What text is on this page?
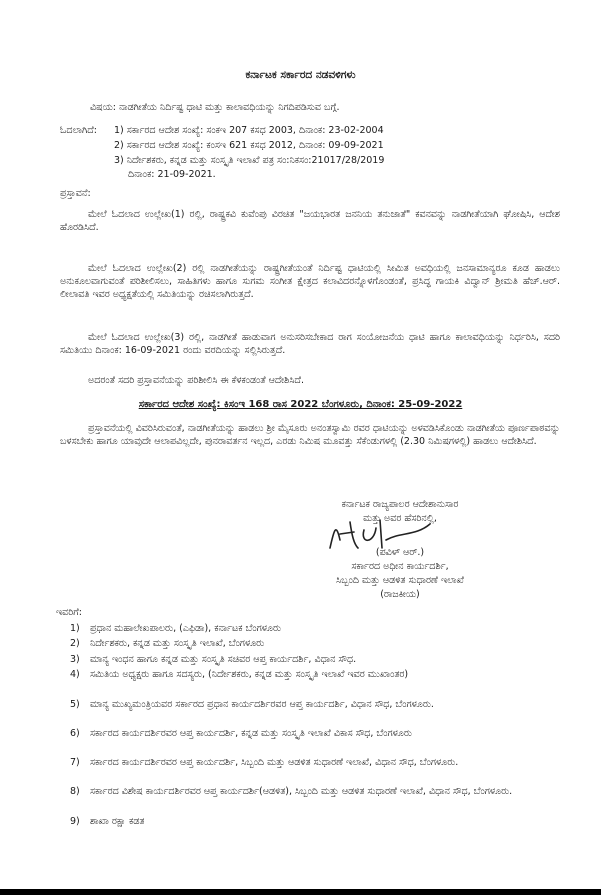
ಕರ್ನಾಟಕ ಸರ್ಕಾರದ ನಡವಳಿಗಳು
ವಿಷಯ: ನಾಡಗೀತೆಯ ನಿರ್ದಿಷ್ಟ ಧಾಟಿ ಮತ್ತು ಕಾಲಾವಧಿಯನ್ನು ನಿಗದಿಪಡಿಸುವ ಬಗ್ಗೆ.
ಓದಲಾಗಿದೆ: 1) ಸರ್ಕಾರದ ಆದೇಶ ಸಂಖ್ಯೆ: ಸಂಕಇ 207 ಕಸಧ 2003, ದಿನಾಂಕ: 23-02-2004
2) ಸರ್ಕಾರದ ಆದೇಶ ಸಂಖ್ಯೆ: ಕಂಸಇ 621 ಕಸಧ 2012, ದಿನಾಂಕ: 09-09-2021
3) ನಿರ್ದೇಶಕರು, ಕನ್ನಡ ಮತ್ತು ಸಂಸ್ಕೃತಿ ಇಲಾಖೆ ಪತ್ರ ಸಂ:ನಿಕಸಂ:21017/28/2019
ದಿನಾಂಕ: 21-09-2021.
ಪ್ರಸ್ತಾವನೆ:
ಮೇಲೆ ಓದಲಾದ ಉಲ್ಲೇಖ(1) ರಲ್ಲಿ, ರಾಷ್ಟ್ರಕವಿ ಕುವೆಂಪು ವಿರಚಿತ "ಜಯಭಾರತ ಜನನಿಯ ತನುಜಾತೆ" ಕವನವನ್ನು ನಾಡಗೀತೆಯಾಗಿ ಘೋಷಿಸಿ, ಆದೇಶ ಹೊರಡಿಸಿದೆ.
ಮೇಲೆ ಓದಲಾದ ಉಲ್ಲೇಖ(2) ರಲ್ಲಿ ನಾಡಗೀತೆಯನ್ನು ರಾಷ್ಟ್ರಗೀತೆಯಂತೆ ನಿರ್ದಿಷ್ಟ ಧಾಟಿಯಲ್ಲಿ ಸೀಮಿತ ಅವಧಿಯಲ್ಲಿ ಜನಸಾಮಾನ್ಯರೂ ಕೂಡ ಹಾಡಲು ಅನುಕೂಲವಾಗುವಂತೆ ಪರಿಶೀಲಿಸಲು, ಸಾಹಿತಿಗಳು ಹಾಗೂ ಸುಗಮ ಸಂಗೀತ ಕ್ಷೇತ್ರದ ಕಲಾವಿದರನ್ನೊಳಗೊಂಡಂತೆ, ಪ್ರಸಿದ್ಧ ಗಾಯಕಿ ವಿದ್ವಾನ್ ಶ್ರೀಮತಿ ಹೆಚ್.ಆರ್. ಲೀಲಾವತಿ ಇವರ ಅಧ್ಯಕ್ಷತೆಯಲ್ಲಿ ಸಮಿತಿಯನ್ನು ರಚಿಸಲಾಗಿರುತ್ತದೆ.
ಮೇಲೆ ಓದಲಾದ ಉಲ್ಲೇಖ(3) ರಲ್ಲಿ, ನಾಡಗೀತೆ ಹಾಡುವಾಗ ಅನುಸರಿಸಬೇಕಾದ ರಾಗ ಸಂಯೋಜನೆಯ ಧಾಟಿ ಹಾಗೂ ಕಾಲಾವಧಿಯನ್ನು ನಿರ್ಧರಿಸಿ, ಸದರಿ ಸಮಿತಿಯು ದಿನಾಂಕ: 16-09-2021 ರಂದು ವರದಿಯನ್ನು ಸಲ್ಲಿಸಿರುತ್ತದೆ.
ಅದರಂತೆ ಸದರಿ ಪ್ರಸ್ತಾವನೆಯನ್ನು ಪರಿಶೀಲಿಸಿ ಈ ಕೆಳಕಂಡಂತೆ ಆದೇಶಿಸಿದೆ.
ಸರ್ಕಾರದ ಆದೇಶ ಸಂಖ್ಯೆ: ಕಿಸಂಇ 168 ರಾಸ 2022 ಬೆಂಗಳೂರು, ದಿನಾಂಕ: 25-09-2022
ಪ್ರಸ್ತಾವನೆಯಲ್ಲಿ ವಿವರಿಸಿರುವಂತೆ, ನಾಡಗೀತೆಯನ್ನು ಹಾಡಲು ಶ್ರೀ ಮೈಸೂರು ಅನಂತಸ್ವಾಮಿ ರವರ ಧಾಟಿಯನ್ನು ಅಳವಡಿಸಿಕೊಂಡು ನಾಡಗೀತೆಯ ಪೂರ್ಣಪಾಠವನ್ನು ಬಳಸಬೇಕು ಹಾಗೂ ಯಾವುದೇ ಆಲಾಪವಿಲ್ಲದೇ, ಪುನರಾವರ್ತನ ಇಲ್ಲದ, ಎರಡು ನಿಮಿಷ ಮೂವತ್ತು ಸೆಕೆಂಡುಗಳಲ್ಲಿ (2.30 ನಿಮಿಷಗಳಲ್ಲಿ) ಹಾಡಲು ಆದೇಶಿಸಿದೆ.
ಕರ್ನಾಟಕ ರಾಜ್ಯಪಾಲರ ಆದೇಶಾನುಸಾರ
ಮತ್ತು ಅವರ ಹೆಸರಿನಲ್ಲಿ,
(ಪವಿಳ್ ಆರ್.)
ಸರ್ಕಾರದ ಅಧೀನ ಕಾರ್ಯದರ್ಶಿ,
ಸಿಬ್ಬಂದಿ ಮತ್ತು ಆಡಳಿತ ಸುಧಾರಣೆ ಇಲಾಖೆ
(ರಾಜಕೀಯ)
ಇವರಿಗೆ:
1) ಪ್ರಧಾನ ಮಹಾಲೇಖಪಾಲರು, (ಎಫಿಡಾ), ಕರ್ನಾಟಕ ಬೆಂಗಳೂರು
2) ನಿರ್ದೇಶಕರು, ಕನ್ನಡ ಮತ್ತು ಸಂಸ್ಕೃತಿ ಇಲಾಖೆ, ಬೆಂಗಳೂರು
3) ಮಾನ್ಯ ಇಂಧನ ಹಾಗೂ ಕನ್ನಡ ಮತ್ತು ಸಂಸ್ಕೃತಿ ಸಚಿವರ ಆಪ್ತ ಕಾರ್ಯದರ್ಶಿ, ವಿಧಾನ ಸೌಧ.
4) ಸಮಿತಿಯ ಅಧ್ಯಕ್ಷರು ಹಾಗೂ ಸದಸ್ಯರು, (ನಿರ್ದೇಶಕರು, ಕನ್ನಡ ಮತ್ತು ಸಂಸ್ಕೃತಿ ಇಲಾಖೆ ಇವರ ಮುಖಾಂತರ)
5) ಮಾನ್ಯ ಮುಖ್ಯಮಂತ್ರಿಯವರ ಸರ್ಕಾರದ ಪ್ರಧಾನ ಕಾರ್ಯದರ್ಶಿರವರ ಆಪ್ತ ಕಾರ್ಯದರ್ಶಿ, ವಿಧಾನ ಸೌಧ, ಬೆಂಗಳೂರು.
6) ಸರ್ಕಾರದ ಕಾರ್ಯದರ್ಶಿರವರ ಆಪ್ತ ಕಾರ್ಯದರ್ಶಿ, ಕನ್ನಡ ಮತ್ತು ಸಂಸ್ಕೃತಿ ಇಲಾಖೆ ವಿಕಾಸ ಸೌಧ, ಬೆಂಗಳೂರು
7) ಸರ್ಕಾರದ ಕಾರ್ಯದರ್ಶಿರವರ ಆಪ್ತ ಕಾರ್ಯದರ್ಶಿ, ಸಿಬ್ಬಂದಿ ಮತ್ತು ಆಡಳಿತ ಸುಧಾರಣೆ ಇಲಾಖೆ, ವಿಧಾನ ಸೌಧ, ಬೆಂಗಳೂರು.
8) ಸರ್ಕಾರದ ವಿಶೇಷ ಕಾರ್ಯದರ್ಶಿರವರ ಆಪ್ತ ಕಾರ್ಯದರ್ಶಿ(ಆಡಳಿತ), ಸಿಬ್ಬಂದಿ ಮತ್ತು ಆಡಳಿತ ಸುಧಾರಣೆ ಇಲಾಖೆ, ವಿಧಾನ ಸೌಧ, ಬೆಂಗಳೂರು.
9) ಶಾಖಾ ರಕ್ಷಾ ಕಡತ
